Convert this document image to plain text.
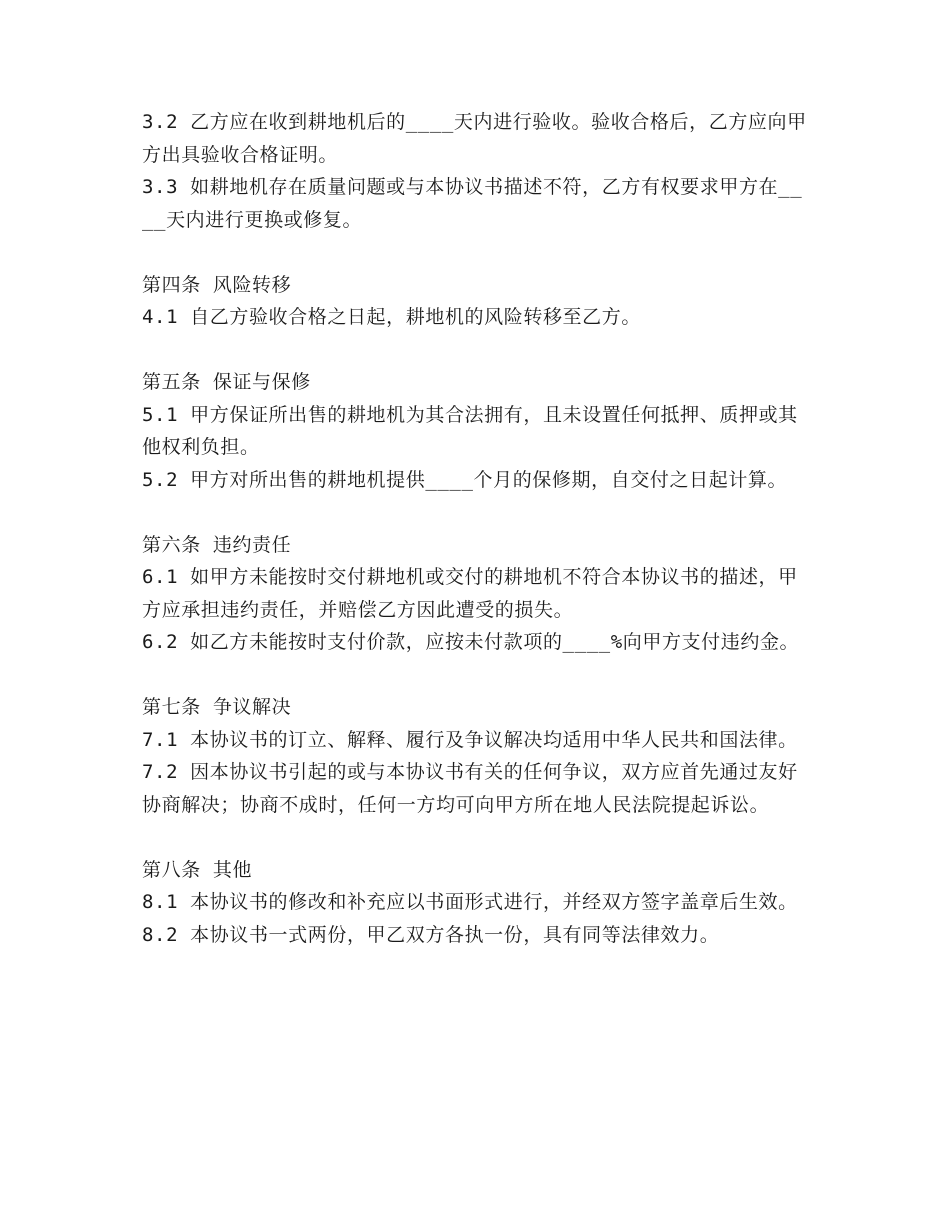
3.2 乙方应在收到耕地机后的____天内进行验收。验收合格后，乙方应向甲方出具验收合格证明。

3.3 如耕地机存在质量问题或与本协议书描述不符，乙方有权要求甲方在____天内进行更换或修复。

第四条 风险转移

4.1 自乙方验收合格之日起，耕地机的风险转移至乙方。

第五条 保证与保修

5.1 甲方保证所出售的耕地机为其合法拥有，且未设置任何抵押、质押或其他权利负担。

5.2 甲方对所出售的耕地机提供____个月的保修期，自交付之日起计算。

第六条 违约责任

6.1 如甲方未能按时交付耕地机或交付的耕地机不符合本协议书的描述，甲方应承担违约责任，并赔偿乙方因此遭受的损失。

6.2 如乙方未能按时支付价款，应按未付款项的____%向甲方支付违约金。

第七条 争议解决

7.1 本协议书的订立、解释、履行及争议解决均适用中华人民共和国法律。

7.2 因本协议书引起的或与本协议书有关的任何争议，双方应首先通过友好协商解决；协商不成时，任何一方均可向甲方所在地人民法院提起诉讼。

第八条 其他

8.1 本协议书的修改和补充应以书面形式进行，并经双方签字盖章后生效。

8.2 本协议书一式两份，甲乙双方各执一份，具有同等法律效力。
